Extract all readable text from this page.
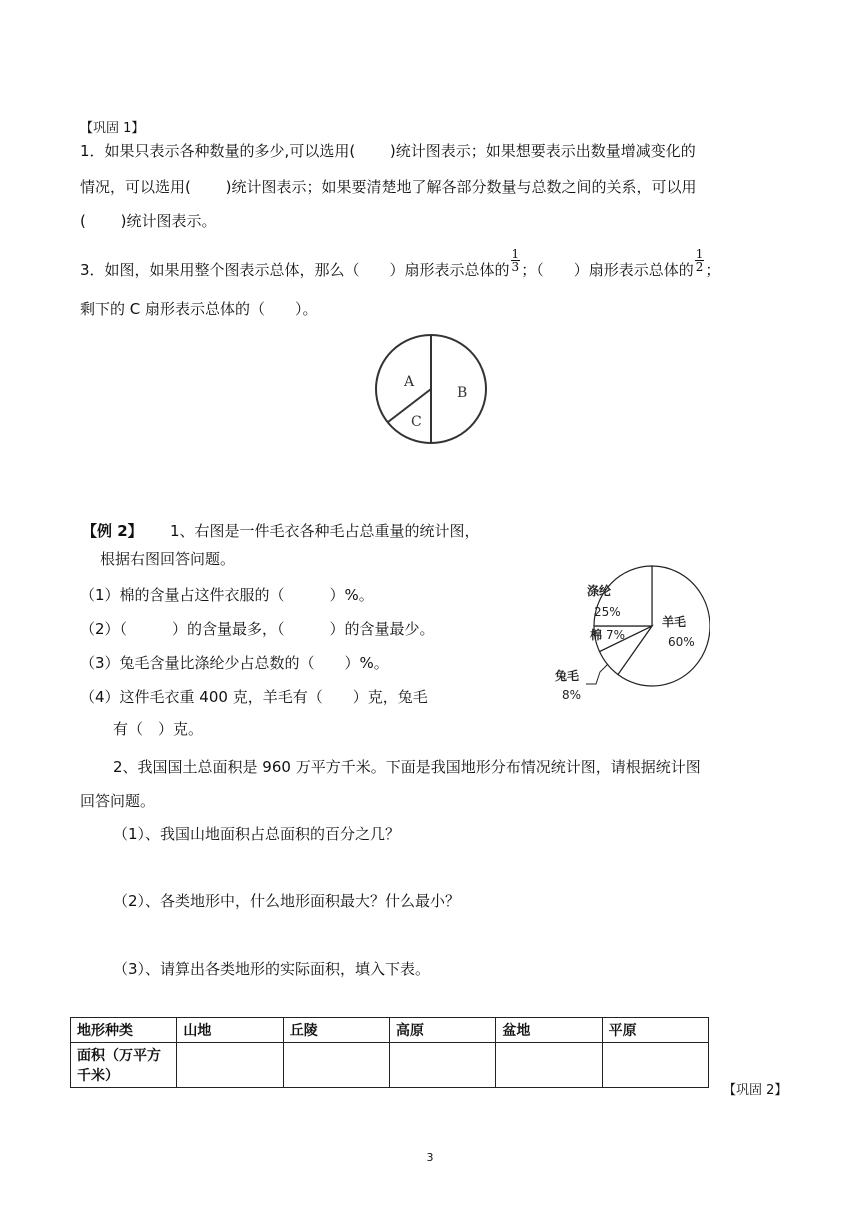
【巩固 1】
1．如果只表示各种数量的多少,可以选用(　　 )统计图表示；如果想要表示出数量增减变化的
情况，可以选用(　　 )统计图表示；如果要清楚地了解各部分数量与总数之间的关系，可以用
(　　 )统计图表示。
3．如图，如果用整个图表示总体，那么（　　）扇形表示总体的 $\frac{1}{3}$ ；（　　）扇形表示总体的 $\frac{1}{2}$ ；
剩下的 C 扇形表示总体的（　　）。
A
B
C
【例 2】 1、右图是一件毛衣各种毛占总重量的统计图，
根据右图回答问题。
（1）棉的含量占这件衣服的（　　　）%。
（2）（　　　）的含量最多，（　　　）的含量最少。
（3）兔毛含量比涤纶少占总数的（　　）%。
（4）这件毛衣重 400 克，羊毛有（　　）克，兔毛
有（　）克。
涤纶
25%
羊毛
60%
棉 7%
兔毛
8%
2、我国国土总面积是 960 万平方千米。下面是我国地形分布情况统计图，请根据统计图
回答问题。
（1）、我国山地面积占总面积的百分之几？
（2）、各类地形中，什么地形面积最大？什么最小？
（3）、请算出各类地形的实际面积，填入下表。
地形种类	山地	丘陵	高原	盆地	平原

面积（万平方
千米）					

【巩固 2】
3
